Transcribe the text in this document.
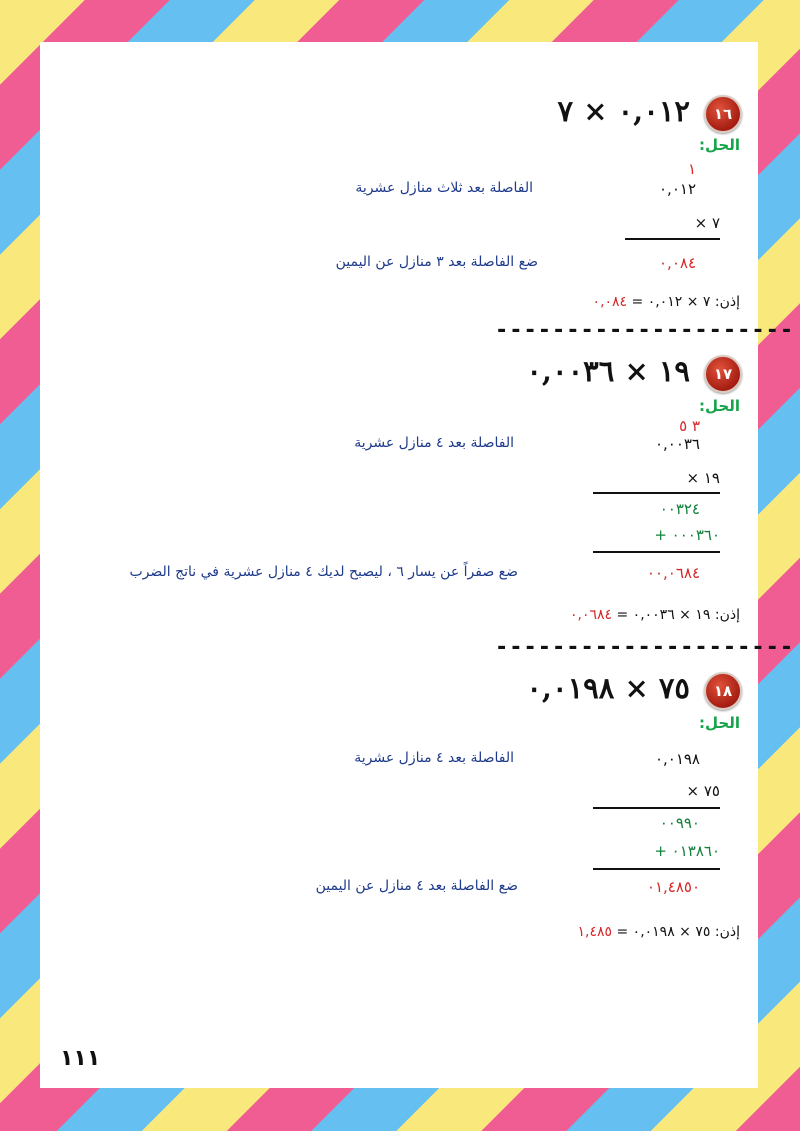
١٦
٠,٠١٢ × ٧
الحل:
١
الفاصلة بعد ثلاث منازل عشرية	٠,٠١٢
× ٧
ضع الفاصلة بعد ٣ منازل عن اليمين	٠,٠٨٤
إذن: ٧ × ٠,٠١٢ = ٠,٠٨٤
---------------------
١٧
١٩ × ٠,٠٠٣٦
الحل:
٣ ٥
الفاصلة بعد ٤ منازل عشرية	٠,٠٠٣٦
× ١٩
٠٠٣٢٤
+ ٠٠٠٣٦٠
ضع صفراً عن يسار ٦ ، ليصبح لديك ٤ منازل عشرية في ناتج الضرب	٠٠,٠٦٨٤
إذن: ١٩ × ٠,٠٠٣٦ = ٠,٠٦٨٤
---------------------
١٨
٧٥ × ٠,٠١٩٨
الحل:
الفاصلة بعد ٤ منازل عشرية	٠,٠١٩٨
× ٧٥
٠٠٩٩٠
+ ٠١٣٨٦٠
ضع الفاصلة بعد ٤ منازل عن اليمين	٠١,٤٨٥٠
إذن: ٧٥ × ٠,٠١٩٨ = ١,٤٨٥
١١١
